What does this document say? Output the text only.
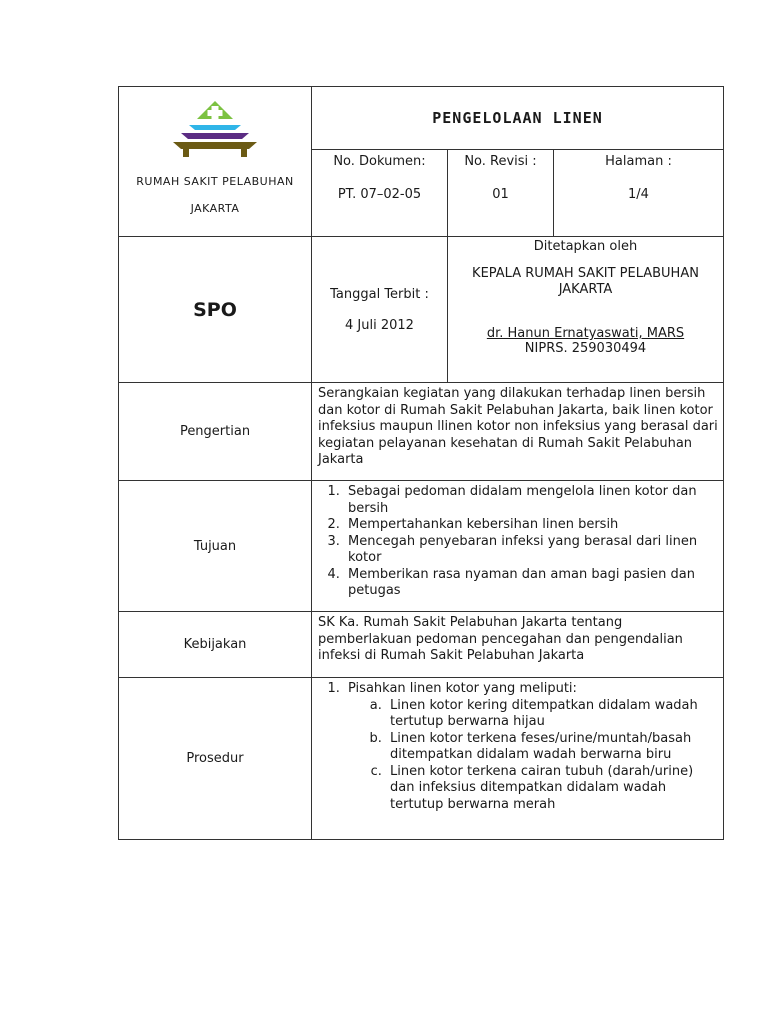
RUMAH SAKIT PELABUHAN
JAKARTA
PENGELOLAAN LINEN
No. Dokumen:
PT. 07–02-05
No. Revisi :
01
Halaman :
1/4
SPO
Tanggal Terbit :
4 Juli 2012
Ditetapkan oleh
KEPALA RUMAH SAKIT PELABUHAN JAKARTA
dr. Hanun Ernatyaswati, MARS
NIPRS. 259030494
Pengertian
Serangkaian kegiatan yang dilakukan terhadap linen bersih dan kotor di Rumah Sakit Pelabuhan Jakarta, baik linen kotor infeksius maupun llinen kotor non infeksius yang berasal dari kegiatan pelayanan kesehatan di Rumah Sakit Pelabuhan Jakarta
Tujuan
1. Sebagai pedoman didalam mengelola linen kotor dan bersih
2. Mempertahankan kebersihan linen bersih
3. Mencegah penyebaran infeksi yang berasal dari linen kotor
4. Memberikan rasa nyaman dan aman bagi pasien dan petugas
Kebijakan
SK Ka. Rumah Sakit Pelabuhan Jakarta tentang pemberlakuan pedoman pencegahan dan pengendalian infeksi di Rumah Sakit Pelabuhan Jakarta
Prosedur
1. Pisahkan linen kotor yang meliputi:
a. Linen kotor kering ditempatkan didalam wadah tertutup berwarna hijau
b. Linen kotor terkena feses/urine/muntah/basah ditempatkan didalam wadah berwarna biru
c. Linen kotor terkena cairan tubuh (darah/urine) dan infeksius ditempatkan didalam wadah tertutup berwarna merah
